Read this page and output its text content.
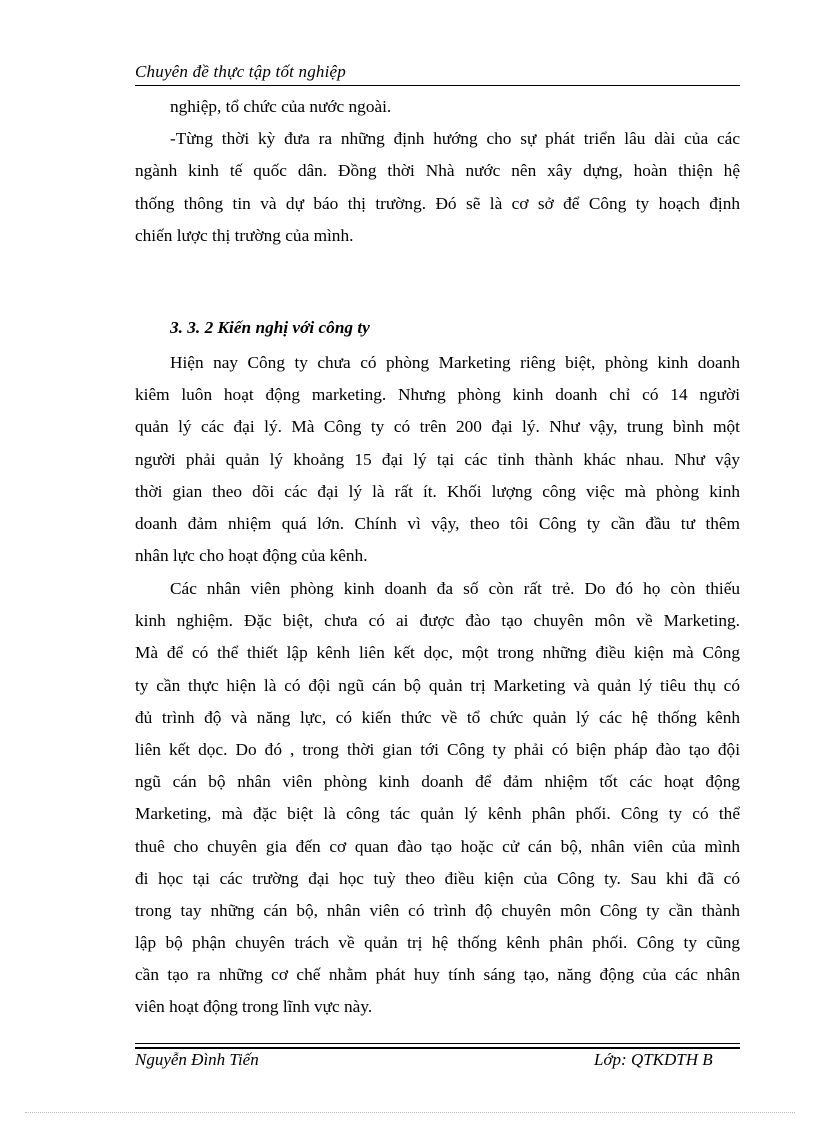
Chuyên đề thực tập tốt nghiệp
nghiệp, tổ chức của nước ngoài.
-Từng thời kỳ đưa ra những định hướng cho sự phát triển lâu dài của các
ngành kinh tế quốc dân. Đồng thời Nhà nước nên xây dựng, hoàn thiện hệ
thống thông tin và dự báo thị trường. Đó sẽ là cơ sở để Công ty hoạch định
chiến lược thị trường của mình.
3. 3. 2 Kiến nghị với công ty
Hiện nay Công ty chưa có phòng Marketing riêng biệt, phòng kinh doanh
kiêm luôn hoạt động marketing. Nhưng phòng kinh doanh chỉ có 14 người
quản lý các đại lý. Mà Công ty có trên 200 đại lý. Như vậy, trung bình một
người phải quản lý khoảng 15 đại lý tại các tỉnh thành khác nhau. Như vậy
thời gian theo dõi các đại lý là rất ít. Khối lượng công việc mà phòng kinh
doanh đảm nhiệm quá lớn. Chính vì vậy, theo tôi Công ty cần đầu tư thêm
nhân lực cho hoạt động của kênh.
Các nhân viên phòng kinh doanh đa số còn rất trẻ. Do đó họ còn thiếu
kinh nghiệm. Đặc biệt, chưa có ai được đào tạo chuyên môn về Marketing.
Mà để có thể thiết lập kênh liên kết dọc, một trong những điều kiện mà Công
ty cần thực hiện là có đội ngũ cán bộ quản trị Marketing và quản lý tiêu thụ có
đủ trình độ và năng lực, có kiến thức về tổ chức quản lý các hệ thống kênh
liên kết dọc. Do đó , trong thời gian tới Công ty phải có biện pháp đào tạo đội
ngũ cán bộ nhân viên phòng kinh doanh để đảm nhiệm tốt các hoạt động
Marketing, mà đặc biệt là công tác quản lý kênh phân phối. Công ty có thể
thuê cho chuyên gia đến cơ quan đào tạo hoặc cử cán bộ, nhân viên của mình
đi học tại các trường đại học tuỳ theo điều kiện của Công ty. Sau khi đã có
trong tay những cán bộ, nhân viên có trình độ chuyên môn Công ty cần thành
lập bộ phận chuyên trách về quản trị hệ thống kênh phân phối. Công ty cũng
cần tạo ra những cơ chế nhằm phát huy tính sáng tạo, năng động của các nhân
viên hoạt động trong lĩnh vực này.
Nguyễn Đình Tiến	Lớp: QTKDTH B
